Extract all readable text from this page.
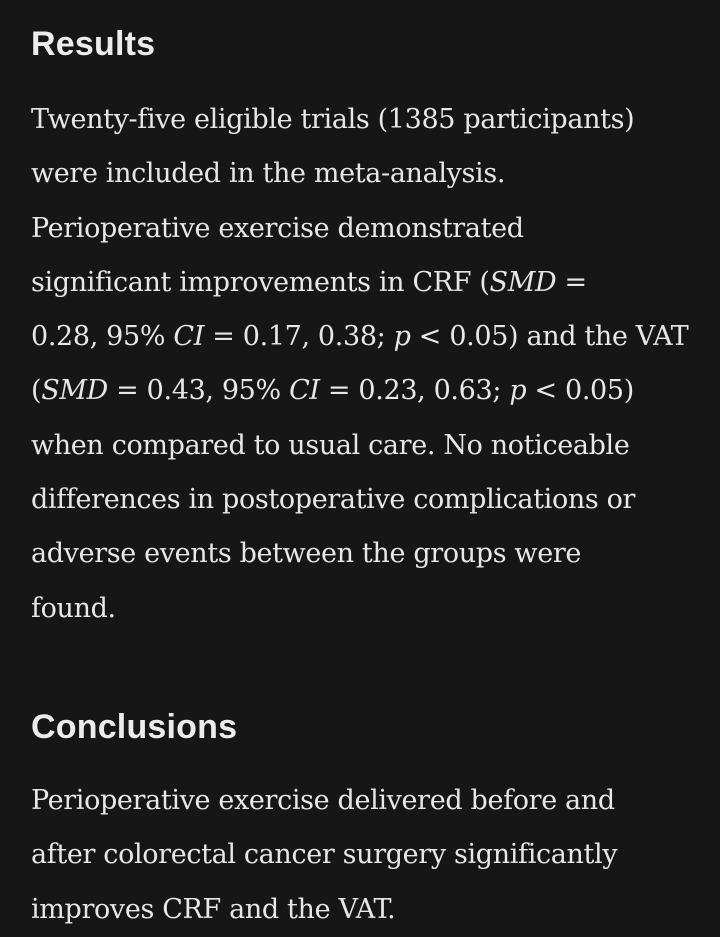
Results

Twenty-five eligible trials (1385 participants)
were included in the meta-analysis.
Perioperative exercise demonstrated
significant improvements in CRF (SMD =
0.28, 95% CI = 0.17, 0.38; p < 0.05) and the VAT
(SMD = 0.43, 95% CI = 0.23, 0.63; p < 0.05)
when compared to usual care. No noticeable
differences in postoperative complications or
adverse events between the groups were
found.

Conclusions

Perioperative exercise delivered before and
after colorectal cancer surgery significantly
improves CRF and the VAT.
